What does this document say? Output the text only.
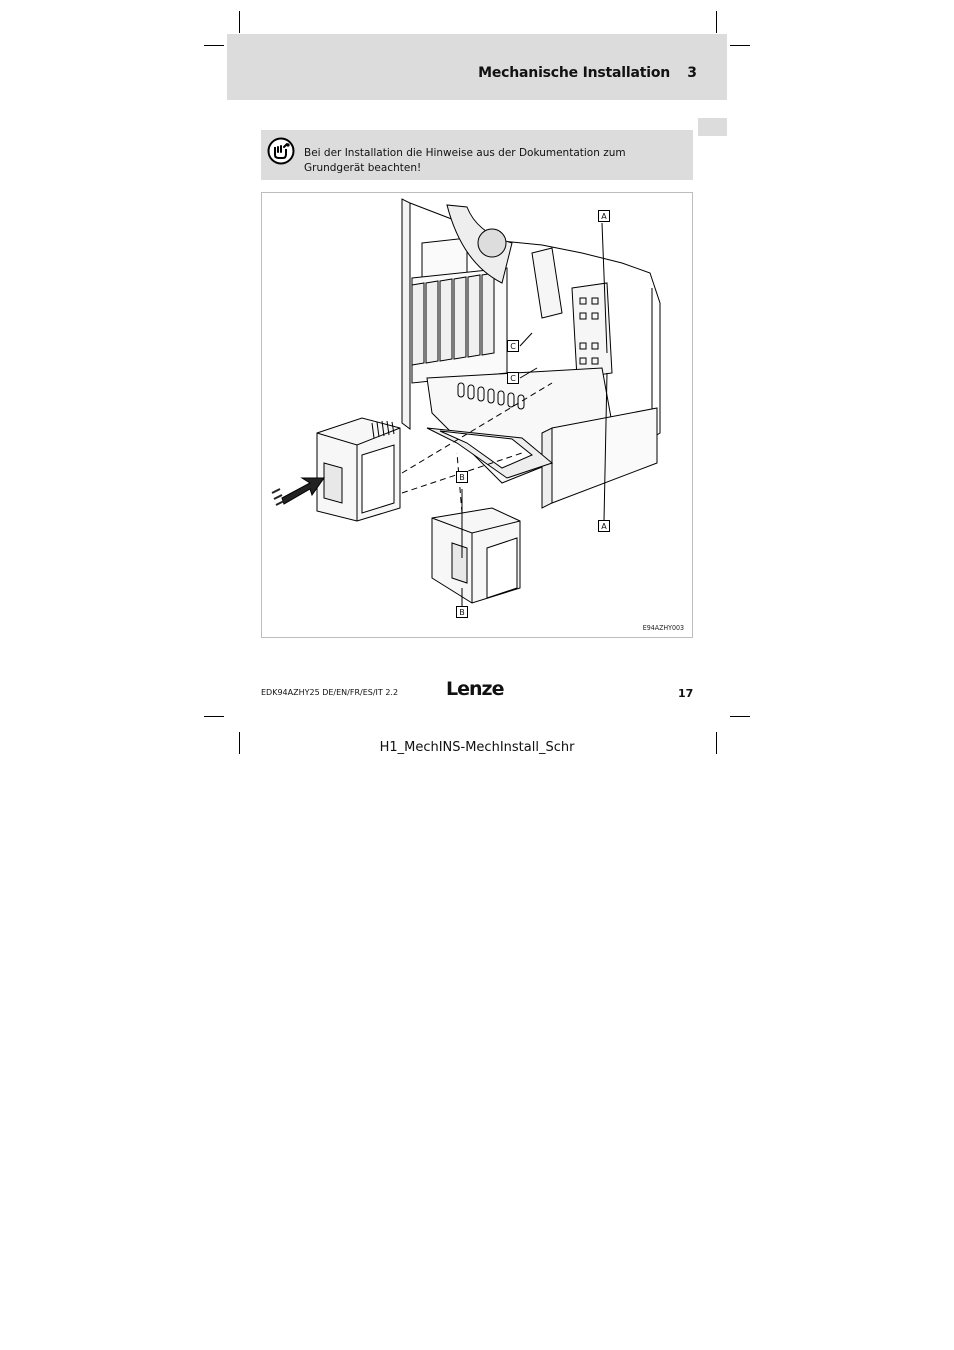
Mechanische Installation 3
Bei der Installation die Hinweise aus der Dokumentation zum Grundgerät beachten!
A
A
B
B
C
C
E94AZHY003
EDK94AZHY25 DE/EN/FR/ES/IT 2.2	Lenze	17
H1_MechINS-MechInstall_Schr
